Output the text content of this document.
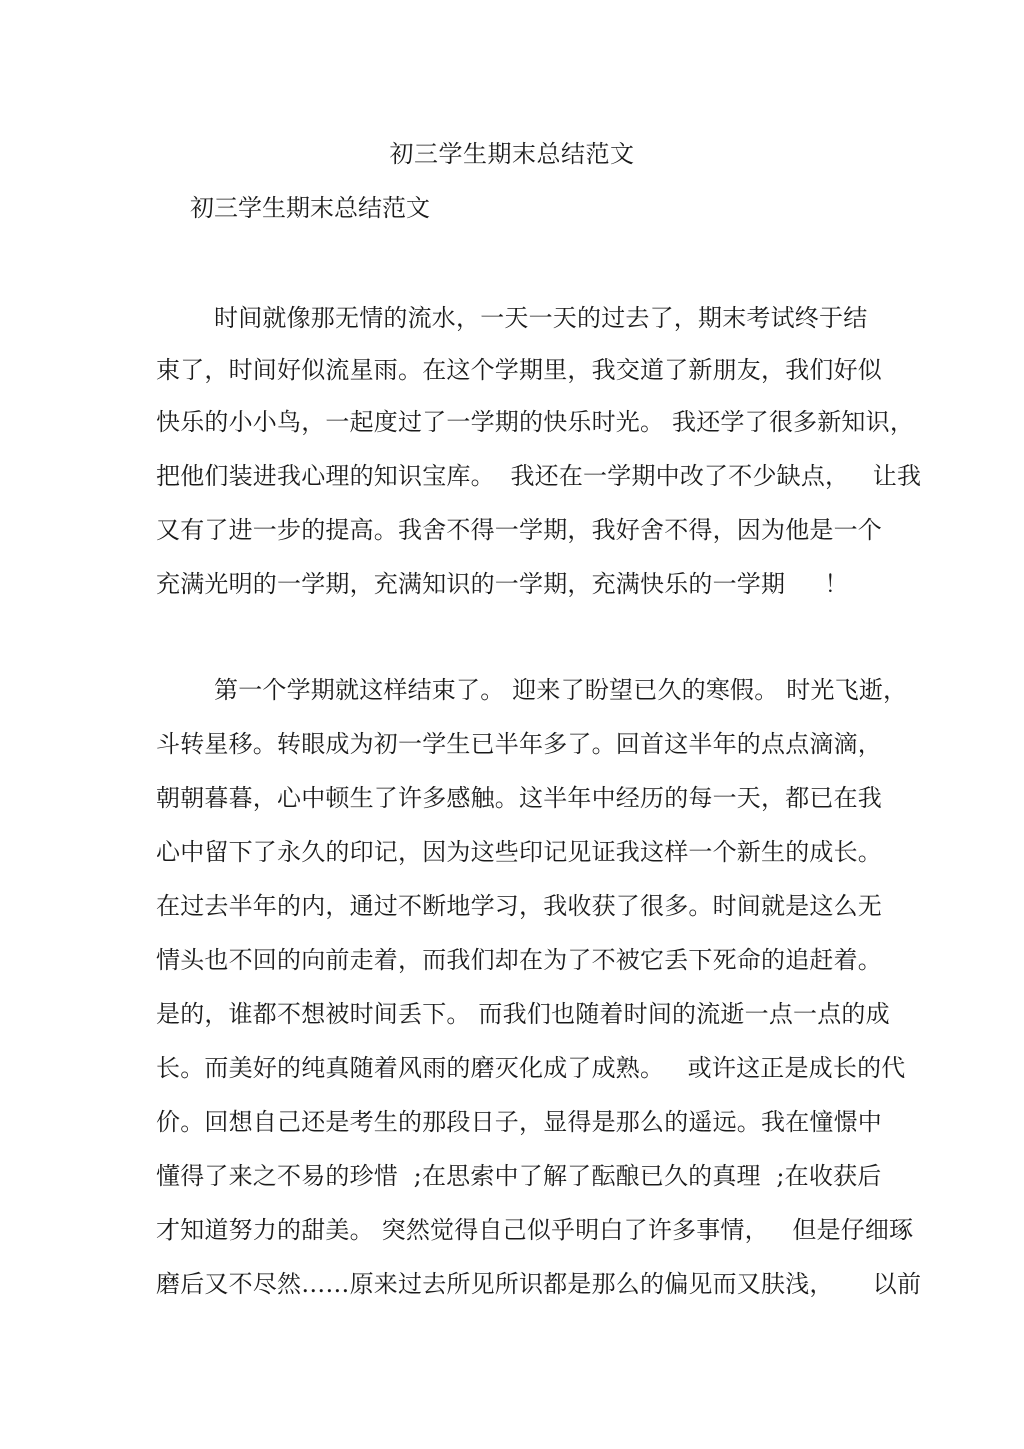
初三学生期末总结范文
初三学生期末总结范文
时间就像那无情的流水，一天一天的过去了，期末考试终于结
束了，时间好似流星雨。在这个学期里，我交道了新朋友，我们好似
快乐的小小鸟，一起度过了一学期的快乐时光。 我还学了很多新知识，
把他们装进我心理的知识宝库。  我还在一学期中改了不少缺点，   让我
又有了进一步的提高。我舍不得一学期，我好舍不得，因为他是一个
充满光明的一学期，充满知识的一学期，充满快乐的一学期     ！
第一个学期就这样结束了。 迎来了盼望已久的寒假。 时光飞逝，
斗转星移。转眼成为初一学生已半年多了。回首这半年的点点滴滴，
朝朝暮暮，心中顿生了许多感触。这半年中经历的每一天，都已在我
心中留下了永久的印记，因为这些印记见证我这样一个新生的成长。
在过去半年的内，通过不断地学习，我收获了很多。时间就是这么无
情头也不回的向前走着，而我们却在为了不被它丢下死命的追赶着。
是的，谁都不想被时间丢下。 而我们也随着时间的流逝一点一点的成
长。而美好的纯真随着风雨的磨灭化成了成熟。   或许这正是成长的代
价。回想自己还是考生的那段日子，显得是那么的遥远。我在憧憬中
懂得了来之不易的珍惜  ;在思索中了解了酝酿已久的真理  ;在收获后
才知道努力的甜美。 突然觉得自己似乎明白了许多事情，   但是仔细琢
磨后又不尽然……原来过去所见所识都是那么的偏见而又肤浅，     以前
